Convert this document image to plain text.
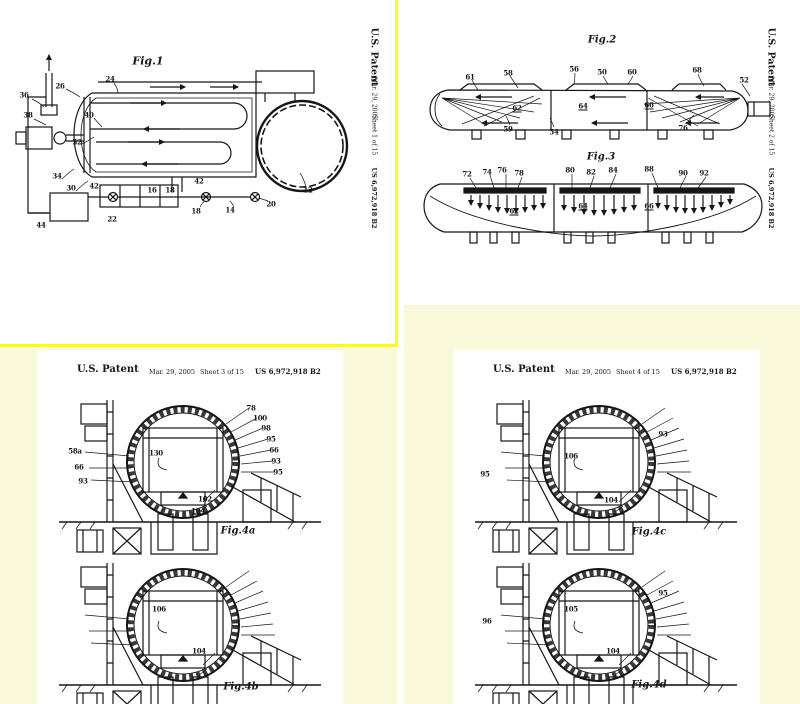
Fig.1
36
38
26
24
40
32
34
30 42	16 18
22
44
42
18	14
20
12
U.S. Patent
Mar. 29, 2005
Sheet 1 of 15
US 6,972,918 B2
Fig.2
61	58	56	50	60	68
52
62	64	66
59	54	76
Fig.3
72 74 76 78	80 82 84	88	90 92
62
64	66
U.S. Patent
Mar. 29, 2005
Sheet 2 of 15
US 6,972,918 B2
U.S. Patent Mar. 29, 2005 Sheet 3 of 15 US 6,972,918 B2
Fig.4a
78
100
98
95
66
93
95
58a
66
93
130
102
104
Fig.4b
106
104
U.S. Patent Mar. 29, 2005 Sheet 4 of 15 US 6,972,918 B2
Fig.4c
93
95
106
104
Fig.4d
95
96
105
104
